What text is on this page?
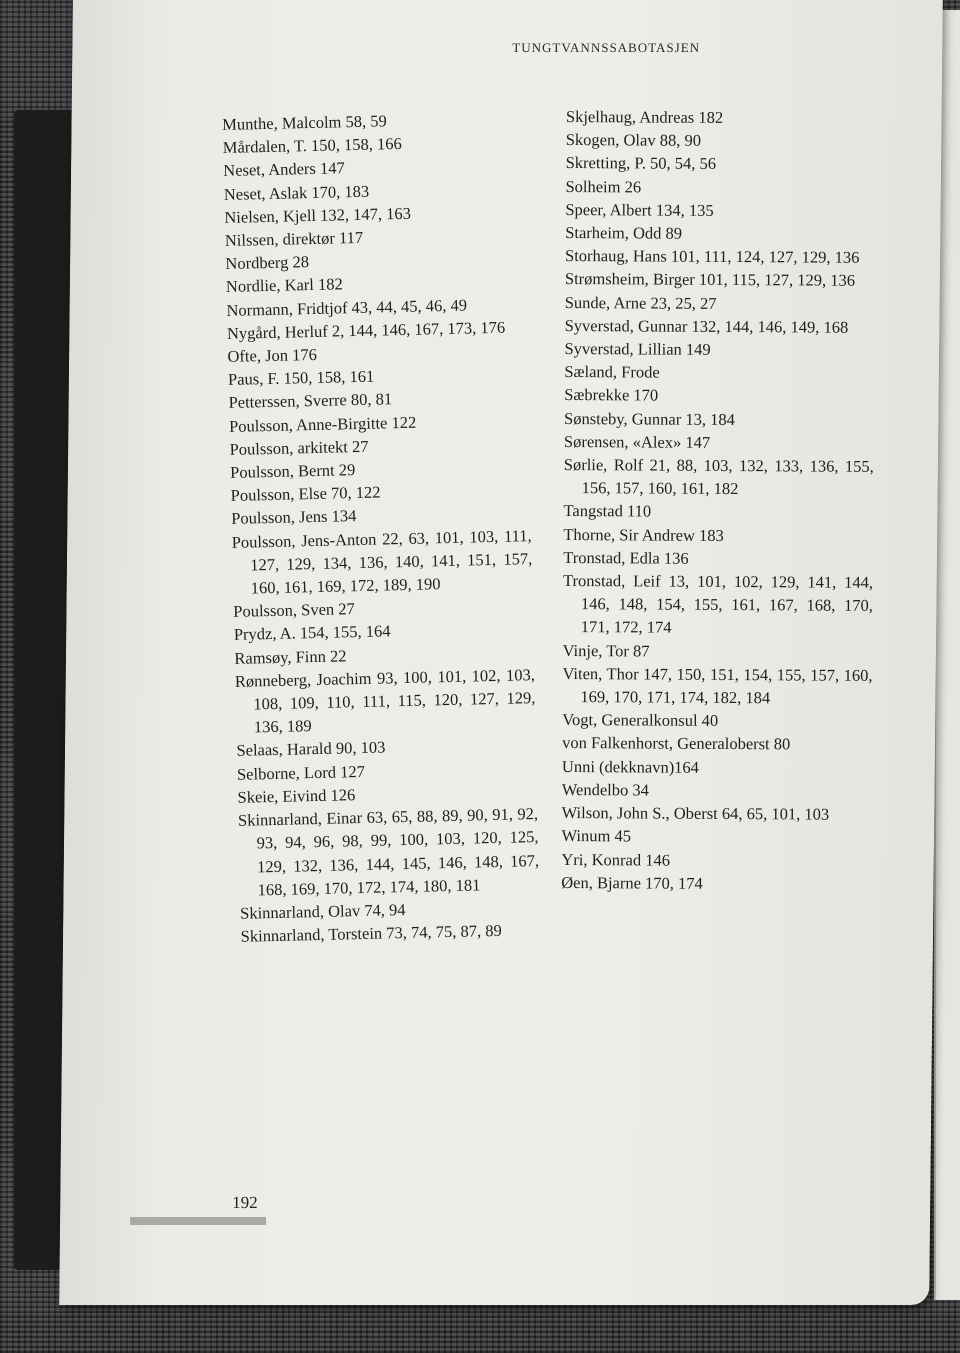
TUNGTVANNSSABOTASJEN
192
Munthe, Malcolm 58, 59
Mårdalen, T. 150, 158, 166
Neset, Anders 147
Neset, Aslak 170, 183
Nielsen, Kjell 132, 147, 163
Nilssen, direktør 117
Nordberg 28
Nordlie, Karl 182
Normann, Fridtjof 43, 44, 45, 46, 49
Nygård, Herluf 2, 144, 146, 167, 173, 176
Ofte, Jon 176
Paus, F. 150, 158, 161
Petterssen, Sverre 80, 81
Poulsson, Anne-Birgitte 122
Poulsson, arkitekt 27
Poulsson, Bernt 29
Poulsson, Else 70, 122
Poulsson, Jens 134
Poulsson, Jens-Anton 22, 63, 101, 103, 111, 127, 129, 134, 136, 140, 141, 151, 157, 160, 161, 169, 172, 189, 190
Poulsson, Sven 27
Prydz, A. 154, 155, 164
Ramsøy, Finn 22
Rønneberg, Joachim 93, 100, 101, 102, 103, 108, 109, 110, 111, 115, 120, 127, 129, 136, 189
Selaas, Harald 90, 103
Selborne, Lord 127
Skeie, Eivind 126
Skinnarland, Einar 63, 65, 88, 89, 90, 91, 92, 93, 94, 96, 98, 99, 100, 103, 120, 125, 129, 132, 136, 144, 145, 146, 148, 167, 168, 169, 170, 172, 174, 180, 181
Skinnarland, Olav 74, 94
Skinnarland, Torstein 73, 74, 75, 87, 89
Skjelhaug, Andreas 182
Skogen, Olav 88, 90
Skretting, P. 50, 54, 56
Solheim 26
Speer, Albert 134, 135
Starheim, Odd 89
Storhaug, Hans 101, 111, 124, 127, 129, 136
Strømsheim, Birger 101, 115, 127, 129, 136
Sunde, Arne 23, 25, 27
Syverstad, Gunnar 132, 144, 146, 149, 168
Syverstad, Lillian 149
Sæland, Frode
Sæbrekke 170
Sønsteby, Gunnar 13, 184
Sørensen, «Alex» 147
Sørlie, Rolf 21, 88, 103, 132, 133, 136, 155, 156, 157, 160, 161, 182
Tangstad 110
Thorne, Sir Andrew 183
Tronstad, Edla 136
Tronstad, Leif 13, 101, 102, 129, 141, 144, 146, 148, 154, 155, 161, 167, 168, 170, 171, 172, 174
Vinje, Tor 87
Viten, Thor 147, 150, 151, 154, 155, 157, 160, 169, 170, 171, 174, 182, 184
Vogt, Generalkonsul 40
von Falkenhorst, Generaloberst 80
Unni (dekknavn)164
Wendelbo 34
Wilson, John S., Oberst 64, 65, 101, 103
Winum 45
Yri, Konrad 146
Øen, Bjarne 170, 174
